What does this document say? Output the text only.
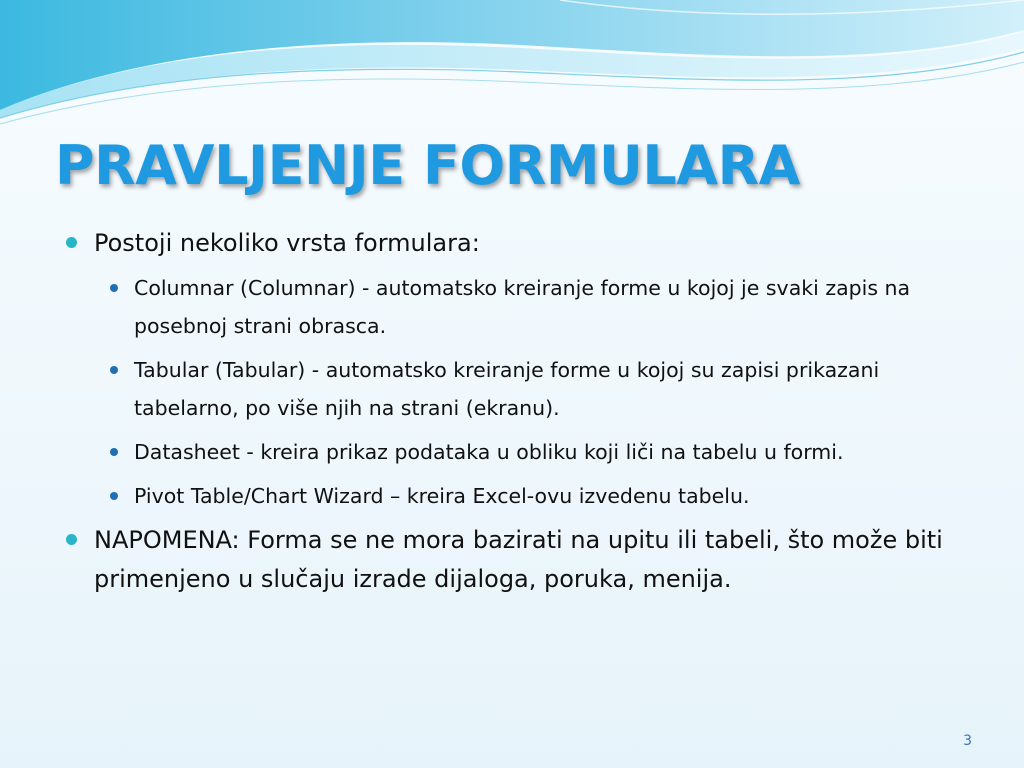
PRAVLJENJE FORMULARA
Postoji nekoliko vrsta formulara:
Columnar (Columnar) - automatsko kreiranje forme u kojoj je svaki zapis na posebnoj strani obrasca.
Tabular (Tabular) - automatsko kreiranje forme u kojoj su zapisi prikazani tabelarno, po više njih na strani (ekranu).
Datasheet - kreira prikaz podataka u obliku koji liči na tabelu u formi.
Pivot Table/Chart Wizard – kreira Excel-ovu izvedenu tabelu.
NAPOMENA: Forma se ne mora bazirati na upitu ili tabeli, što može biti primenjeno u slučaju izrade dijaloga, poruka, menija.
3
